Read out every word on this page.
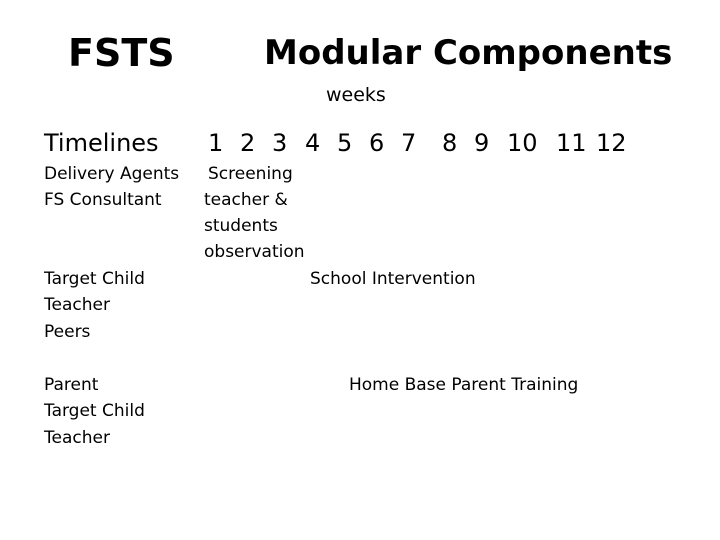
FSTS	Modular Components
weeks
Timelines 1 2 3 4 5 6 7 8 9 10 11 12
Delivery Agents Screening
FS Consultant teacher &
students
observation
Target Child	School Intervention
Teacher
Peers
Parent	Home Base Parent Training
Target Child
Teacher
